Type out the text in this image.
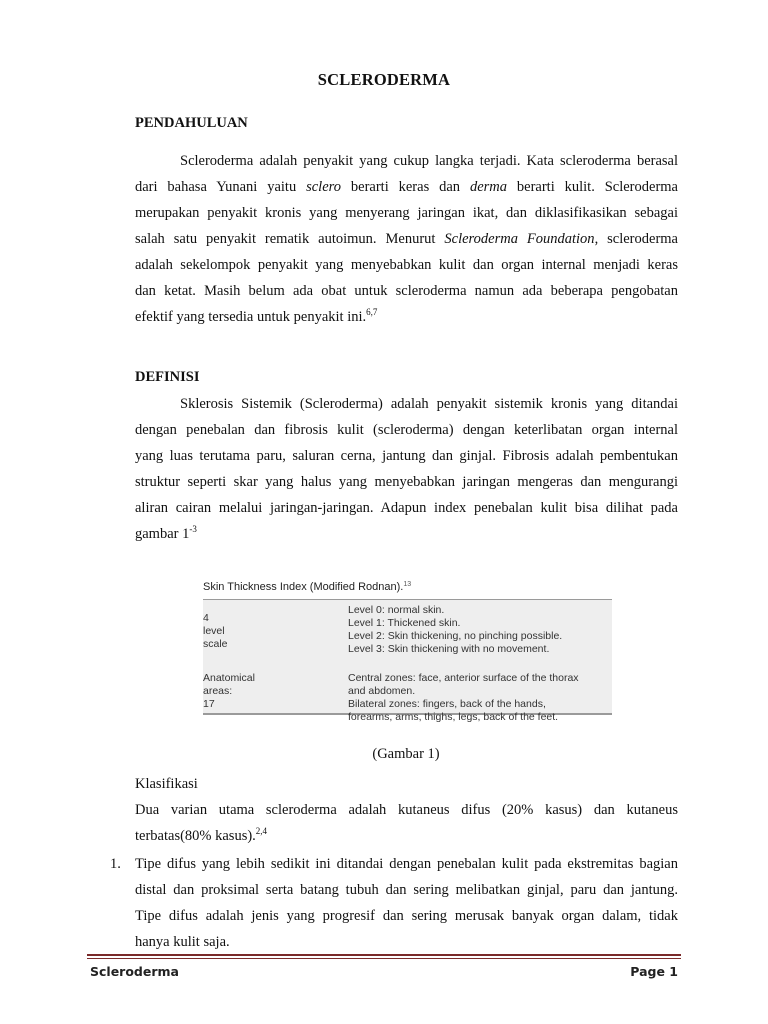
SCLERODERMA
PENDAHULUAN
Scleroderma adalah penyakit yang cukup langka terjadi. Kata scleroderma berasal
dari bahasa Yunani yaitu sclero berarti keras dan derma berarti kulit. Scleroderma
merupakan penyakit kronis yang menyerang jaringan ikat, dan diklasifikasikan sebagai
salah satu penyakit rematik autoimun. Menurut Scleroderma Foundation, scleroderma
adalah sekelompok penyakit yang menyebabkan kulit dan organ internal menjadi keras
dan ketat. Masih belum ada obat untuk scleroderma namun ada beberapa pengobatan
efektif yang tersedia untuk penyakit ini.$^{6,7}$
DEFINISI
Sklerosis Sistemik (Scleroderma) adalah penyakit sistemik kronis yang ditandai
dengan penebalan dan fibrosis kulit (scleroderma) dengan keterlibatan organ internal
yang luas terutama paru, saluran cerna, jantung dan ginjal. Fibrosis adalah pembentukan
struktur seperti skar yang halus yang menyebabkan jaringan mengeras dan mengurangi
aliran cairan melalui jaringan-jaringan. Adapun index penebalan kulit bisa dilihat pada
gambar $1^{-3}$
Skin Thickness Index (Modified Rodnan).$^{13}$
4
level
scale
Level 0: normal skin.
Level 1: Thickened skin.
Level 2: Skin thickening, no pinching possible.
Level 3: Skin thickening with no movement.
Anatomical
areas:
17
Central zones: face, anterior surface of the thorax
and abdomen.
Bilateral zones: fingers, back of the hands,
forearms, arms, thighs, legs, back of the feet.
(Gambar 1)
Klasifikasi
Dua varian utama scleroderma adalah kutaneus difus (20% kasus) dan kutaneus
terbatas(80% kasus).$^{2,4}$
1. Tipe difus yang lebih sedikit ini ditandai dengan penebalan kulit pada ekstremitas bagian
distal dan proksimal serta batang tubuh dan sering melibatkan ginjal, paru dan jantung.
Tipe difus adalah jenis yang progresif dan sering merusak banyak organ dalam, tidak
hanya kulit saja.
Scleroderma	Page 1
